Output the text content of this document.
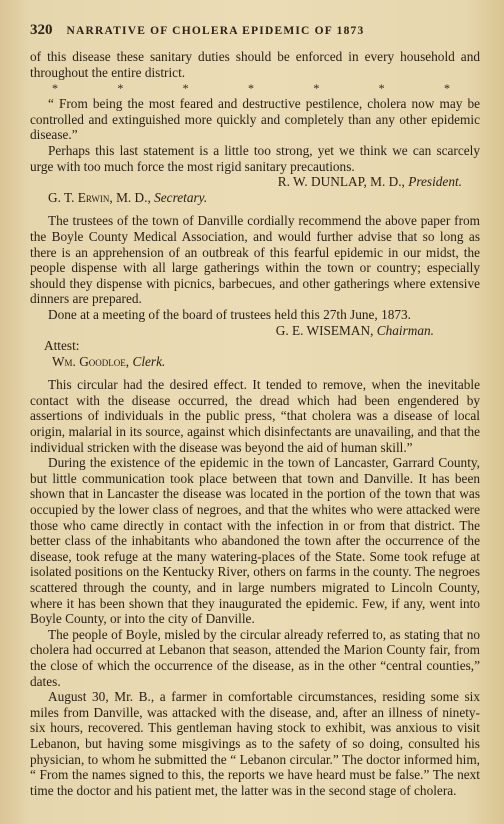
320 NARRATIVE OF CHOLERA EPIDEMIC OF 1873

of this disease these sanitary duties should be enforced in every household and throughout the entire district.

*	*	*	*	*	*	*

“ From being the most feared and destructive pestilence, cholera now may be controlled and extinguished more quickly and completely than any other epidemic disease.”

Perhaps this last statement is a little too strong, yet we think we can scarcely urge with too much force the most rigid sanitary precautions.

R. W. DUNLAP, M. D., President.

G. T. Erwin, M. D., Secretary.

The trustees of the town of Danville cordially recommend the above paper from the Boyle County Medical Association, and would further advise that so long as there is an apprehension of an outbreak of this fearful epidemic in our midst, the people dispense with all large gatherings within the town or country; especially should they dispense with picnics, barbecues, and other gatherings where extensive dinners are prepared.

Done at a meeting of the board of trustees held this 27th June, 1873.

G. E. WISEMAN, Chairman.

Attest:

Wm. Goodloe, Clerk.

This circular had the desired effect. It tended to remove, when the inevitable contact with the disease occurred, the dread which had been engendered by assertions of individuals in the public press, “that cholera was a disease of local origin, malarial in its source, against which disinfectants are unavailing, and that the individual stricken with the disease was beyond the aid of human skill.”

During the existence of the epidemic in the town of Lancaster, Garrard County, but little communication took place between that town and Danville. It has been shown that in Lancaster the disease was located in the portion of the town that was occupied by the lower class of negroes, and that the whites who were attacked were those who came directly in contact with the infection in or from that district. The better class of the inhabitants who abandoned the town after the occurrence of the disease, took refuge at the many watering-places of the State. Some took refuge at isolated positions on the Kentucky River, others on farms in the county. The negroes scattered through the county, and in large numbers migrated to Lincoln County, where it has been shown that they inaugurated the epidemic. Few, if any, went into Boyle County, or into the city of Danville.

The people of Boyle, misled by the circular already referred to, as stating that no cholera had occurred at Lebanon that season, attended the Marion County fair, from the close of which the occurrence of the disease, as in the other “central counties,” dates.

August 30, Mr. B., a farmer in comfortable circumstances, residing some six miles from Danville, was attacked with the disease, and, after an illness of ninety-six hours, recovered. This gentleman having stock to exhibit, was anxious to visit Lebanon, but having some misgivings as to the safety of so doing, consulted his physician, to whom he submitted the “ Lebanon circular.” The doctor informed him, “ From the names signed to this, the reports we have heard must be false.” The next time the doctor and his patient met, the latter was in the second stage of cholera.
